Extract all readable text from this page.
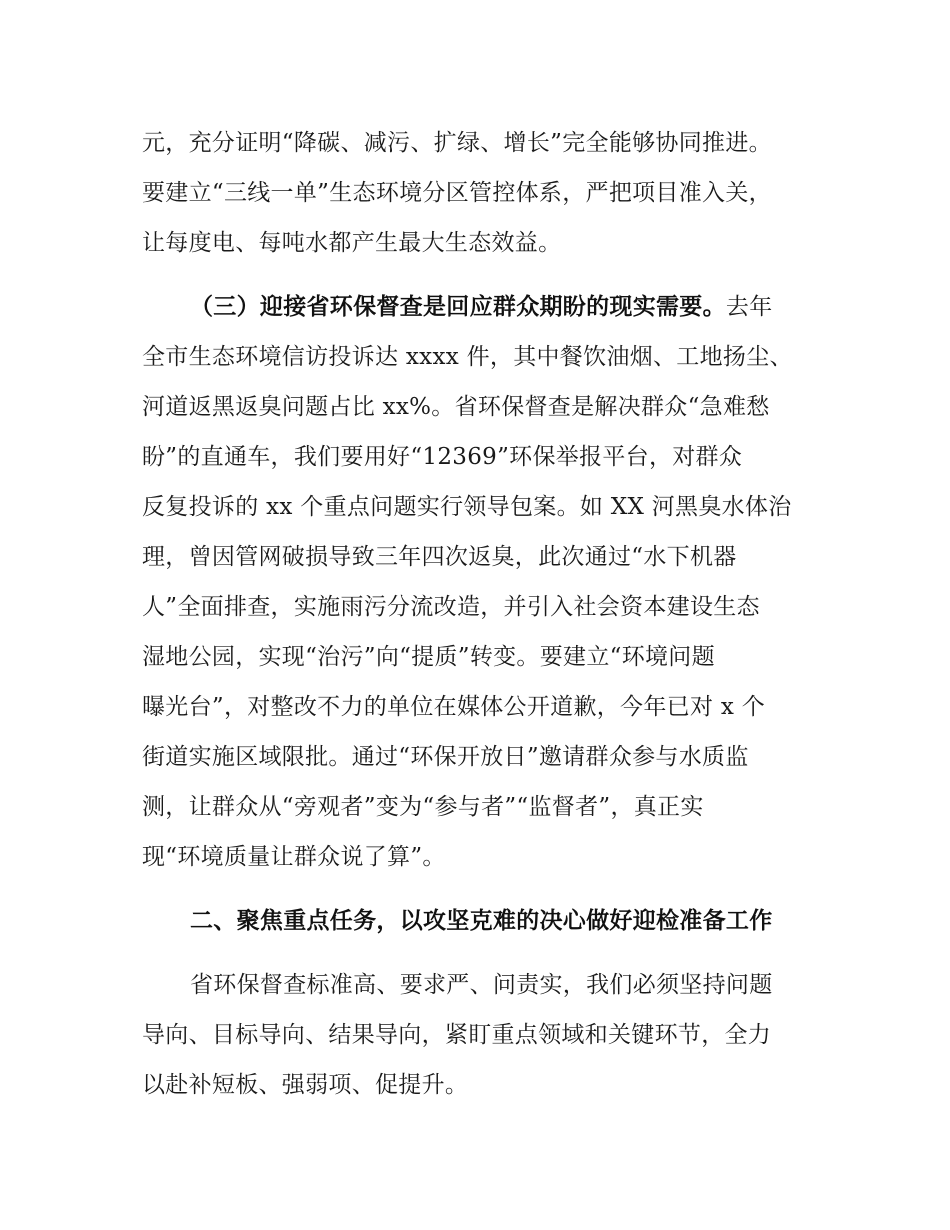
元，充分证明“降碳、减污、扩绿、增长”完全能够协同推进。
要建立“三线一单”生态环境分区管控体系，严把项目准入关，
让每度电、每吨水都产生最大生态效益。
（三）迎接省环保督查是回应群众期盼的现实需要。去年
全市生态环境信访投诉达 xxxx 件，其中餐饮油烟、工地扬尘、
河道返黑返臭问题占比 xx%。省环保督查是解决群众“急难愁
盼”的直通车，我们要用好“12369”环保举报平台，对群众
反复投诉的 xx 个重点问题实行领导包案。如 XX 河黑臭水体治
理，曾因管网破损导致三年四次返臭，此次通过“水下机器
人”全面排查，实施雨污分流改造，并引入社会资本建设生态
湿地公园，实现“治污”向“提质”转变。要建立“环境问题
曝光台”，对整改不力的单位在媒体公开道歉，今年已对 x 个
街道实施区域限批。通过“环保开放日”邀请群众参与水质监
测，让群众从“旁观者”变为“参与者”“监督者”，真正实
现“环境质量让群众说了算”。
二、聚焦重点任务，以攻坚克难的决心做好迎检准备工作
省环保督查标准高、要求严、问责实，我们必须坚持问题
导向、目标导向、结果导向，紧盯重点领域和关键环节，全力
以赴补短板、强弱项、促提升。
